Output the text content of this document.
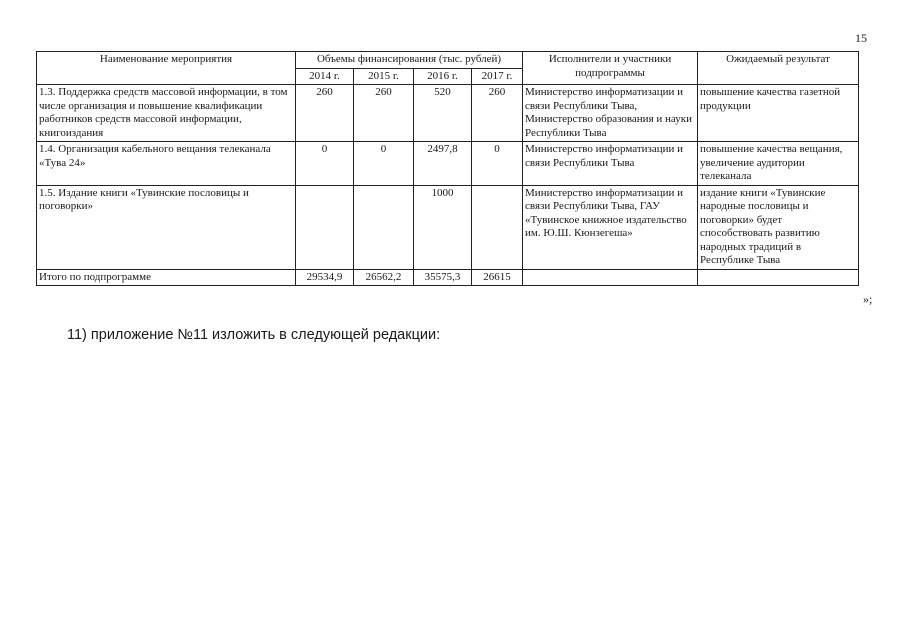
15
Наименование мероприятия	Объемы финансирования (тыс. рублей)				Исполнители и участники подпрограммы	Ожидаемый результат
	2014 г.	2015 г.	2016 г.	2017 г.		
1.3. Поддержка средств массовой информации, в том числе организация и повышение квалификации работников средств массовой информации, книгоиздания	260	260	520	260	Министерство информатизации и связи Республики Тыва, Министерство образования и науки Республики Тыва	повышение качества газетной продукции
1.4. Организация кабельного вещания телеканала «Тува 24»	0	0	2497,8	0	Министерство информатизации и связи Республики Тыва	повышение качества вещания, увеличение аудитории телеканала
1.5. Издание книги «Тувинские пословицы и поговорки»			1000		Министерство информатизации и связи Республики Тыва, ГАУ «Тувинское книжное издательство им. Ю.Ш. Кюнзегеша»	издание книги «Тувинские народные пословицы и поговорки» будет способствовать развитию народных традиций в Республике Тыва
Итого по подпрограмме	29534,9	26562,2	35575,3	26615		
»;
11) приложение №11 изложить в следующей редакции:
